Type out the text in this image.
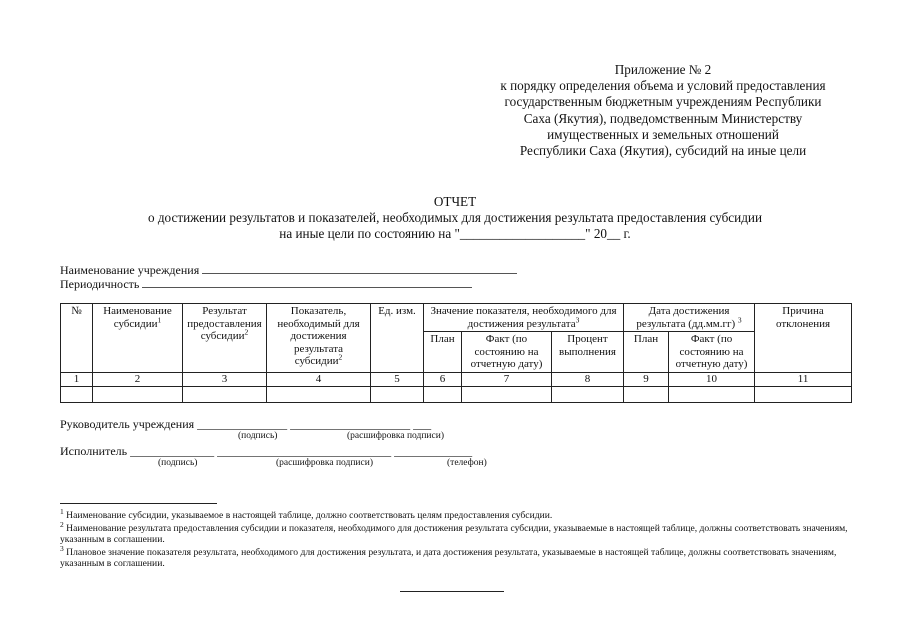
Приложение № 2
к порядку определения объема и условий предоставления
государственным бюджетным учреждениям Республики
Саха (Якутия), подведомственным Министерству
имущественных и земельных отношений
Республики Саха (Якутия), субсидий на иные цели
ОТЧЕТ
о достижении результатов и показателей, необходимых для достижения результата предоставления субсидии
на иные цели по состоянию на "___________________" 20__ г.
Наименование учреждения
Периодичность
№	Наименование субсидии$^1$	Результат предоставления субсидии$^2$	Показатель, необходимый для достижения результата субсидии$^2$	Ед. изм.	Значение показателя, необходимого для достижения результата$^3$			Дата достижения результата (дд.мм.гг) $^3$		Причина отклонения
					План	Факт (по состоянию на отчетную дату)	Процент выполнения	План	Факт (по состоянию на отчетную дату)	
1	2	3	4	5	6	7	8	9	10	11

Руководитель учреждения _______________ ____________________ ___
(подпись)	(расшифровка подписи)
Исполнитель ______________ _____________________________ _____________
(подпись)	(расшифровка подписи)	(телефон)

$^1$ Наименование субсидии, указываемое в настоящей таблице, должно соответствовать целям предоставления субсидии.

$^2$ Наименование результата предоставления субсидии и показателя, необходимого для достижения результата субсидии, указываемые в настоящей таблице, должны соответствовать значениям, указанным в соглашении.

$^3$ Плановое значение показателя результата, необходимого для достижения результата, и дата достижения результата, указываемые в настоящей таблице, должны соответствовать значениям, указанным в соглашении.
